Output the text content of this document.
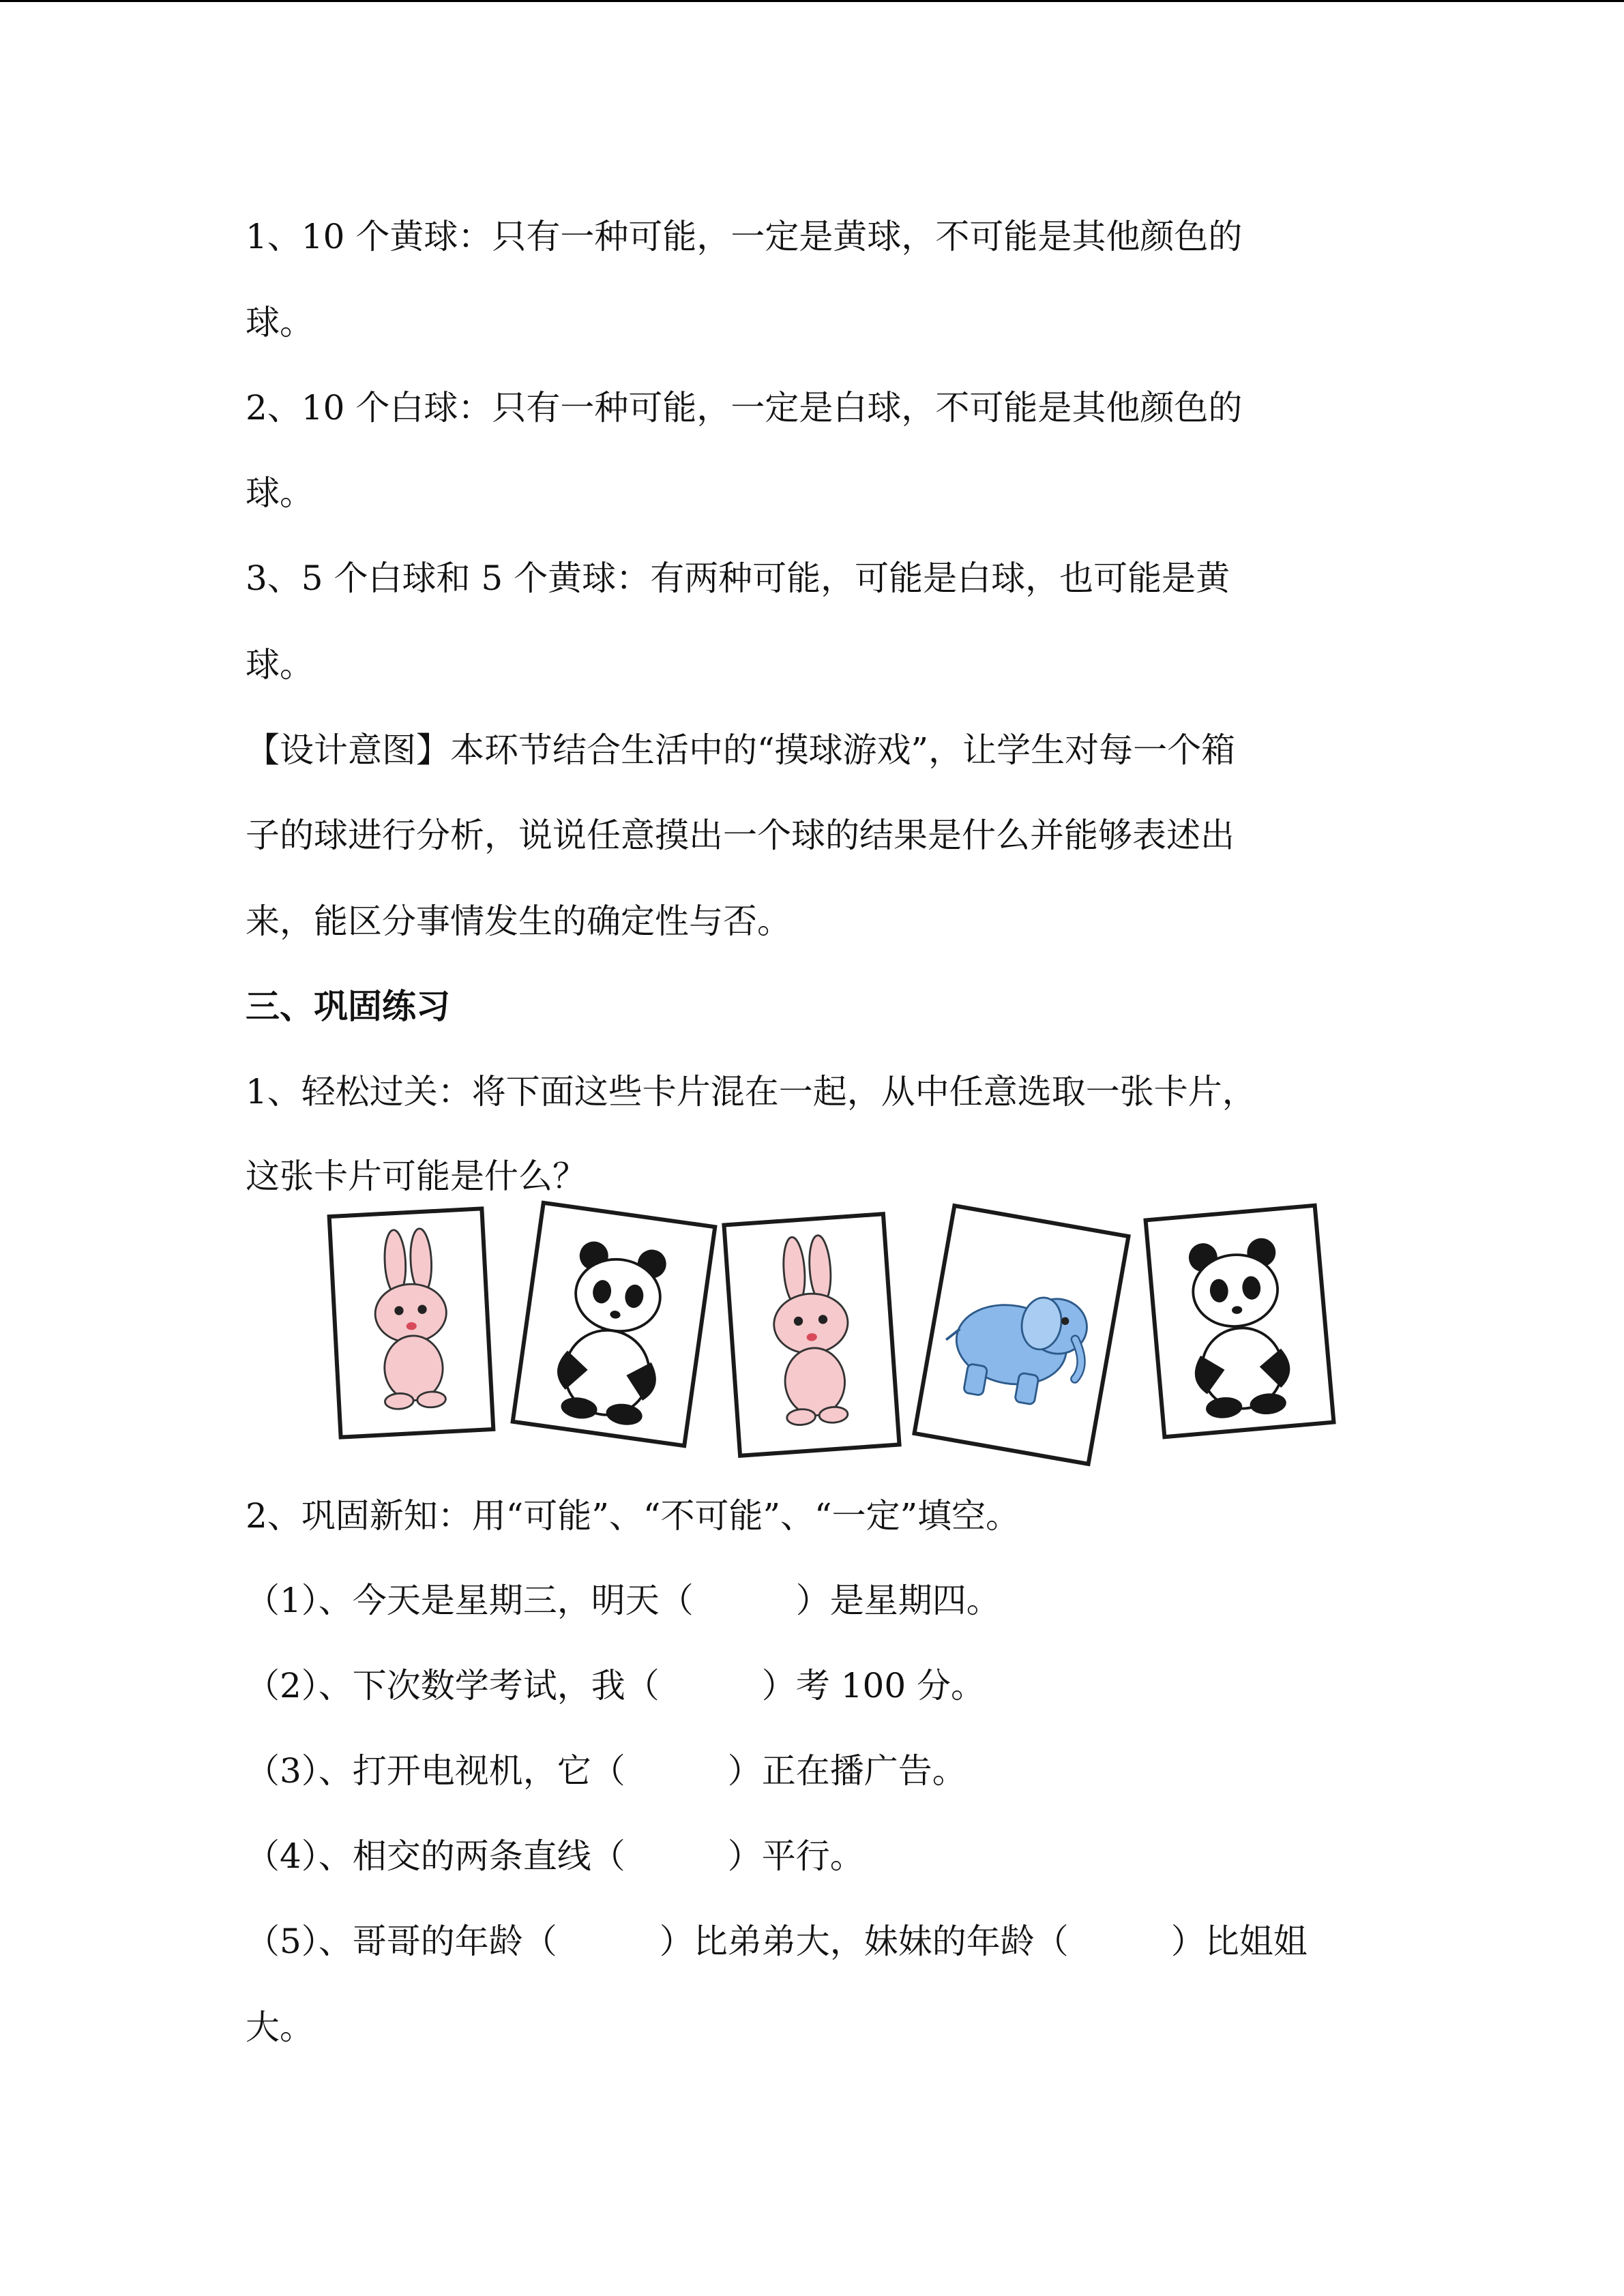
1、10 个黄球：只有一种可能，一定是黄球，不可能是其他颜色的
球。
2、10 个白球：只有一种可能，一定是白球，不可能是其他颜色的
球。
3、5 个白球和 5 个黄球：有两种可能，可能是白球，也可能是黄
球。
【设计意图】本环节结合生活中的“摸球游戏”，让学生对每一个箱
子的球进行分析，说说任意摸出一个球的结果是什么并能够表述出
来，能区分事情发生的确定性与否。
三、巩固练习
1、轻松过关：将下面这些卡片混在一起，从中任意选取一张卡片，
这张卡片可能是什么？
2、巩固新知：用“可能”、“不可能”、“一定”填空。
（1）、今天是星期三，明天（　　　）是星期四。
（2）、下次数学考试，我（　　　）考 100 分。
（3）、打开电视机，它（　　　）正在播广告。
（4）、相交的两条直线（　　　）平行。
（5）、哥哥的年龄（　　　）比弟弟大，妹妹的年龄（　　　）比姐姐
大。
